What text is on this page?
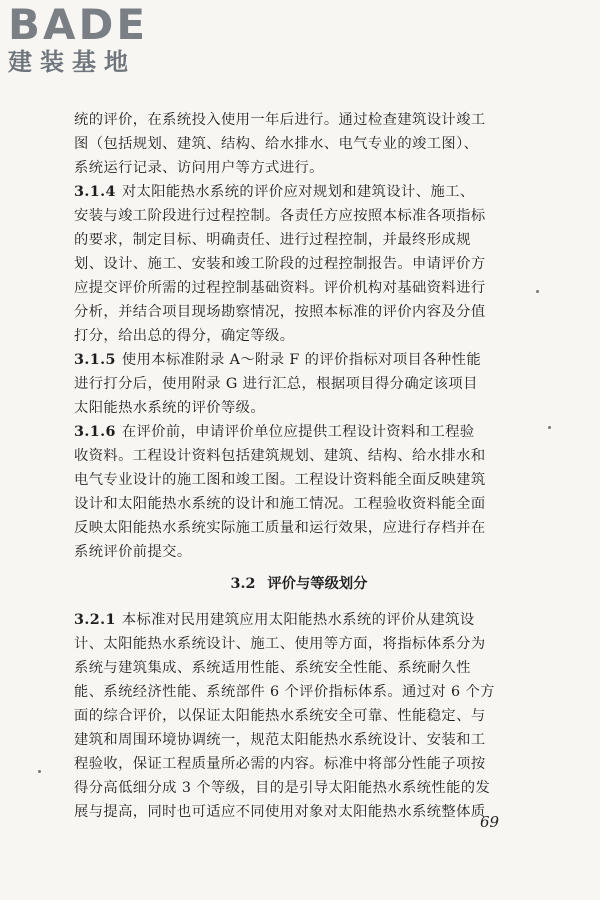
BADE
建装基地
统的评价，在系统投入使用一年后进行。通过检查建筑设计竣工
图（包括规划、建筑、结构、给水排水、电气专业的竣工图）、
系统运行记录、访问用户等方式进行。
3.1.4 对太阳能热水系统的评价应对规划和建筑设计、施工、
安装与竣工阶段进行过程控制。各责任方应按照本标准各项指标
的要求，制定目标、明确责任、进行过程控制，并最终形成规
划、设计、施工、安装和竣工阶段的过程控制报告。申请评价方
应提交评价所需的过程控制基础资料。评价机构对基础资料进行
分析，并结合项目现场勘察情况，按照本标准的评价内容及分值
打分，给出总的得分，确定等级。
3.1.5 使用本标准附录 A～附录 F 的评价指标对项目各种性能
进行打分后，使用附录 G 进行汇总，根据项目得分确定该项目
太阳能热水系统的评价等级。
3.1.6 在评价前，申请评价单位应提供工程设计资料和工程验
收资料。工程设计资料包括建筑规划、建筑、结构、给水排水和
电气专业设计的施工图和竣工图。工程设计资料能全面反映建筑
设计和太阳能热水系统的设计和施工情况。工程验收资料能全面
反映太阳能热水系统实际施工质量和运行效果，应进行存档并在
系统评价前提交。
3.2 评价与等级划分
3.2.1 本标准对民用建筑应用太阳能热水系统的评价从建筑设
计、太阳能热水系统设计、施工、使用等方面，将指标体系分为
系统与建筑集成、系统适用性能、系统安全性能、系统耐久性
能、系统经济性能、系统部件 6 个评价指标体系。通过对 6 个方
面的综合评价，以保证太阳能热水系统安全可靠、性能稳定、与
建筑和周围环境协调统一，规范太阳能热水系统设计、安装和工
程验收，保证工程质量所必需的内容。标准中将部分性能子项按
得分高低细分成 3 个等级，目的是引导太阳能热水系统性能的发
展与提高，同时也可适应不同使用对象对太阳能热水系统整体质
69
